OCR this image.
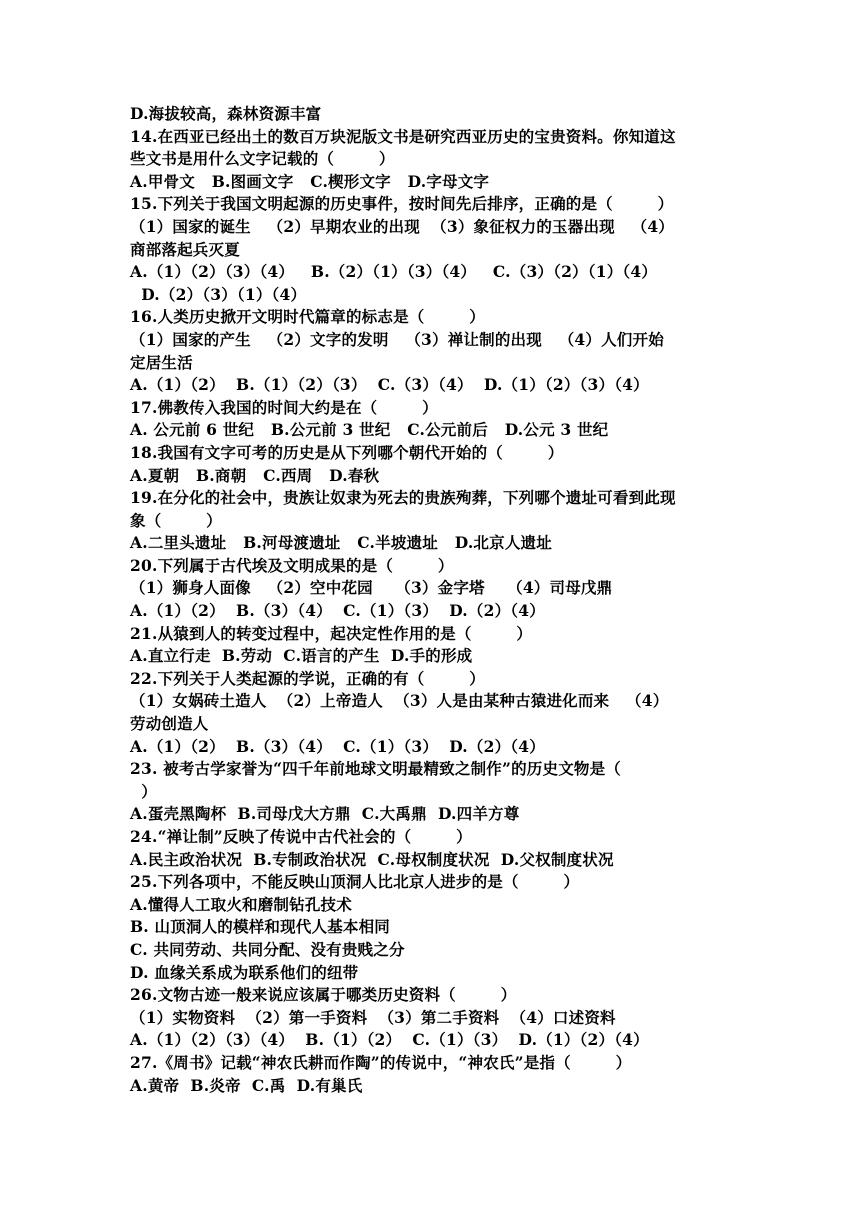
D.海拔较高，森林资源丰富
14.在西亚已经出土的数百万块泥版文书是研究西亚历史的宝贵资料。你知道这
些文书是用什么文字记载的（        ）
A.甲骨文   B.图画文字   C.楔形文字   D.字母文字
15.下列关于我国文明起源的历史事件，按时间先后排序，正确的是（        ）
（1）国家的诞生   （2）早期农业的出现  （3）象征权力的玉器出现   （4）
商部落起兵灭夏
A.（1）（2）（3）（4）   B.（2）（1）（3）（4）   C.（3）（2）（1）（4）
D.（2）（3）（1）（4）
16.人类历史掀开文明时代篇章的标志是（        ）
（1）国家的产生   （2）文字的发明   （3）禅让制的出现   （4）人们开始
定居生活
A.（1）（2）  B.（1）（2）（3）  C.（3）（4）  D.（1）（2）（3）（4）
17.佛教传入我国的时间大约是在（        ）
A. 公元前 6 世纪   B.公元前 3 世纪   C.公元前后   D.公元 3 世纪
18.我国有文字可考的历史是从下列哪个朝代开始的（        ）
A.夏朝   B.商朝   C.西周   D.春秋
19.在分化的社会中，贵族让奴隶为死去的贵族殉葬，下列哪个遗址可看到此现
象（        ）
A.二里头遗址   B.河母渡遗址   C.半坡遗址   D.北京人遗址
20.下列属于古代埃及文明成果的是（        ）
（1）狮身人面像   （2）空中花园    （3）金字塔    （4）司母戊鼎
A.（1）（2）  B.（3）（4）  C.（1）（3）  D.（2）（4）
21.从猿到人的转变过程中，起决定性作用的是（        ）
A.直立行走  B.劳动  C.语言的产生  D.手的形成
22.下列关于人类起源的学说，正确的有（        ）
（1）女娲砖土造人  （2）上帝造人  （3）人是由某种古猿进化而来   （4）
劳动创造人
A.（1）（2）  B.（3）（4）  C.（1）（3）  D.（2）（4）
23. 被考古学家誉为“四千年前地球文明最精致之制作”的历史文物是（
）
A.蛋壳黑陶杯  B.司母戊大方鼎  C.大禹鼎  D.四羊方尊
24.“禅让制”反映了传说中古代社会的（        ）
A.民主政治状况  B.专制政治状况  C.母权制度状况  D.父权制度状况
25.下列各项中，不能反映山顶洞人比北京人进步的是（        ）
A.懂得人工取火和磨制钻孔技术
B. 山顶洞人的模样和现代人基本相同
C. 共同劳动、共同分配、没有贵贱之分
D. 血缘关系成为联系他们的纽带
26.文物古迹一般来说应该属于哪类历史资料（        ）
（1）实物资料  （2）第一手资料  （3）第二手资料  （4）口述资料
A.（1）（2）（3）（4）  B.（1）（2）  C.（1）（3）  D.（1）（2）（4）
27.《周书》记载“神农氏耕而作陶”的传说中，“神农氏”是指（        ）
A.黄帝  B.炎帝  C.禹  D.有巢氏
